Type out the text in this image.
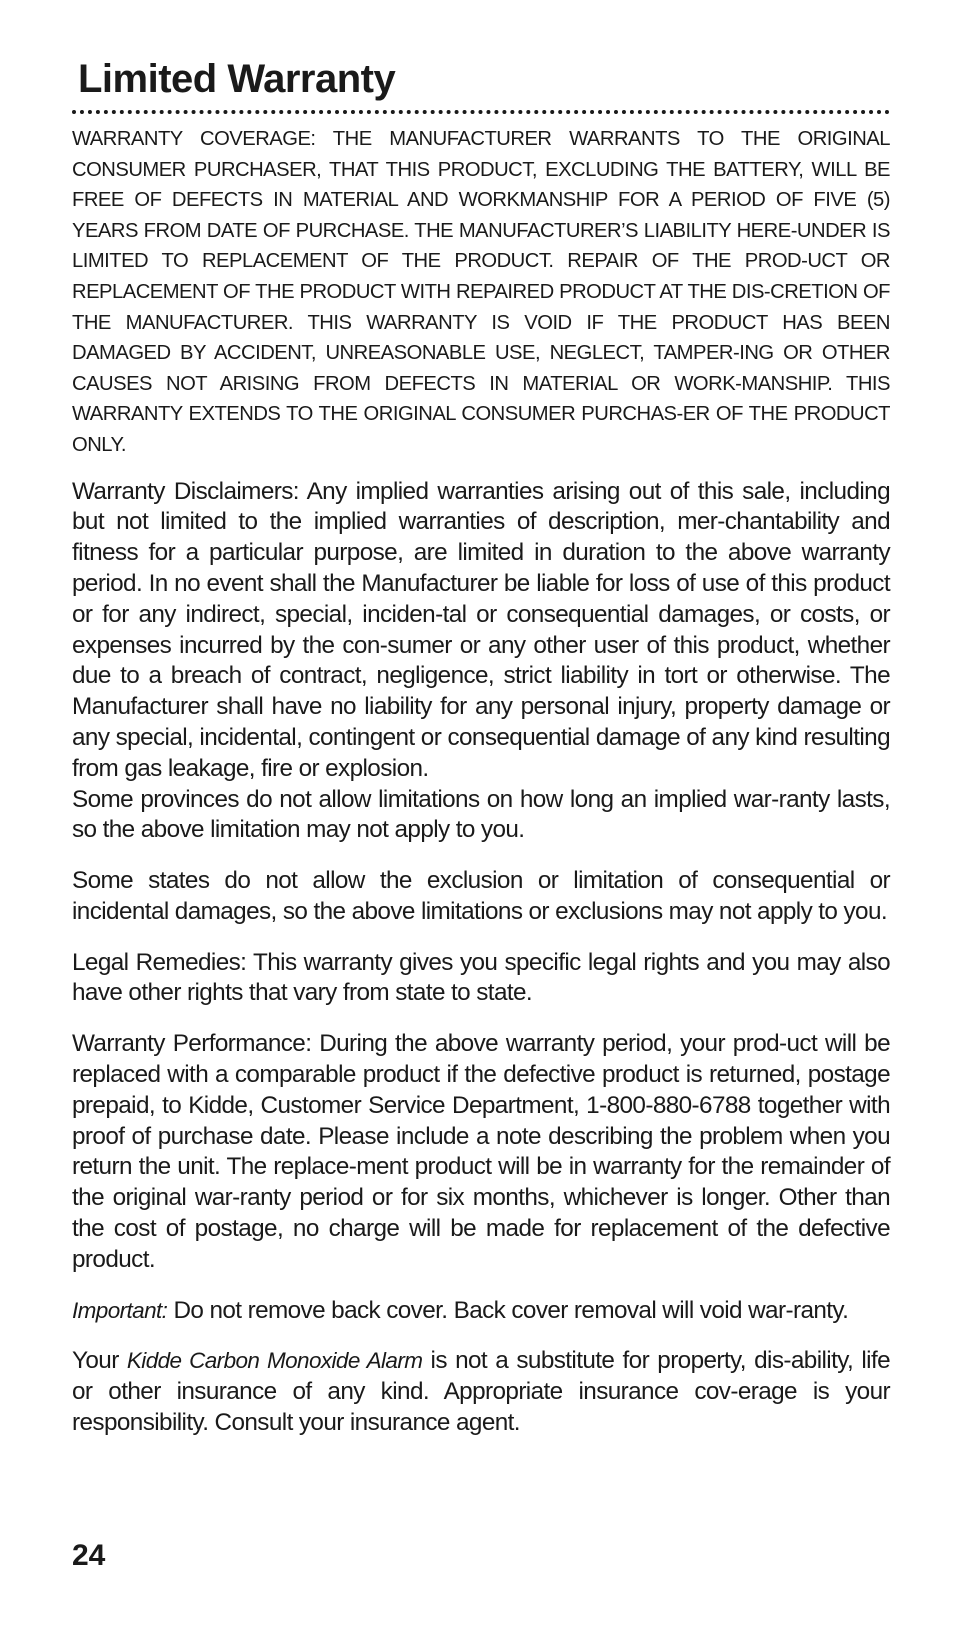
Limited Warranty

WARRANTY COVERAGE: THE MANUFACTURER WARRANTS TO THE ORIGINAL CONSUMER PURCHASER, THAT THIS PRODUCT, EXCLUDING THE BATTERY, WILL BE FREE OF DEFECTS IN MATERIAL AND WORKMANSHIP FOR A PERIOD OF FIVE (5) YEARS FROM DATE OF PURCHASE. THE MANUFACTURER’S LIABILITY HERE-UNDER IS LIMITED TO REPLACEMENT OF THE PRODUCT. REPAIR OF THE PROD-UCT OR REPLACEMENT OF THE PRODUCT WITH REPAIRED PRODUCT AT THE DIS-CRETION OF THE MANUFACTURER. THIS WARRANTY IS VOID IF THE PRODUCT HAS BEEN DAMAGED BY ACCIDENT, UNREASONABLE USE, NEGLECT, TAMPER-ING OR OTHER CAUSES NOT ARISING FROM DEFECTS IN MATERIAL OR WORK-MANSHIP. THIS WARRANTY EXTENDS TO THE ORIGINAL CONSUMER PURCHAS-ER OF THE PRODUCT ONLY.

Warranty Disclaimers: Any implied warranties arising out of this sale, including but not limited to the implied warranties of description, mer-chantability and fitness for a particular purpose, are limited in duration to the above warranty period. In no event shall the Manufacturer be liable for loss of use of this product or for any indirect, special, inciden-tal or consequential damages, or costs, or expenses incurred by the con-sumer or any other user of this product, whether due to a breach of contract, negligence, strict liability in tort or otherwise. The Manufacturer shall have no liability for any personal injury, property damage or any special, incidental, contingent or consequential damage of any kind resulting from gas leakage, fire or explosion.

Some provinces do not allow limitations on how long an implied war-ranty lasts, so the above limitation may not apply to you.

Some states do not allow the exclusion or limitation of consequential or incidental damages, so the above limitations or exclusions may not apply to you.

Legal Remedies: This warranty gives you specific legal rights and you may also have other rights that vary from state to state.

Warranty Performance: During the above warranty period, your prod-uct will be replaced with a comparable product if the defective product is returned, postage prepaid, to Kidde, Customer Service Department, 1-800-880-6788 together with proof of purchase date. Please include a note describing the problem when you return the unit. The replace-ment product will be in warranty for the remainder of the original war-ranty period or for six months, whichever is longer. Other than the cost of postage, no charge will be made for replacement of the defective product.

Important: Do not remove back cover. Back cover removal will void war-ranty.

Your Kidde Carbon Monoxide Alarm is not a substitute for property, dis-ability, life or other insurance of any kind. Appropriate insurance cov-erage is your responsibility. Consult your insurance agent.

24
